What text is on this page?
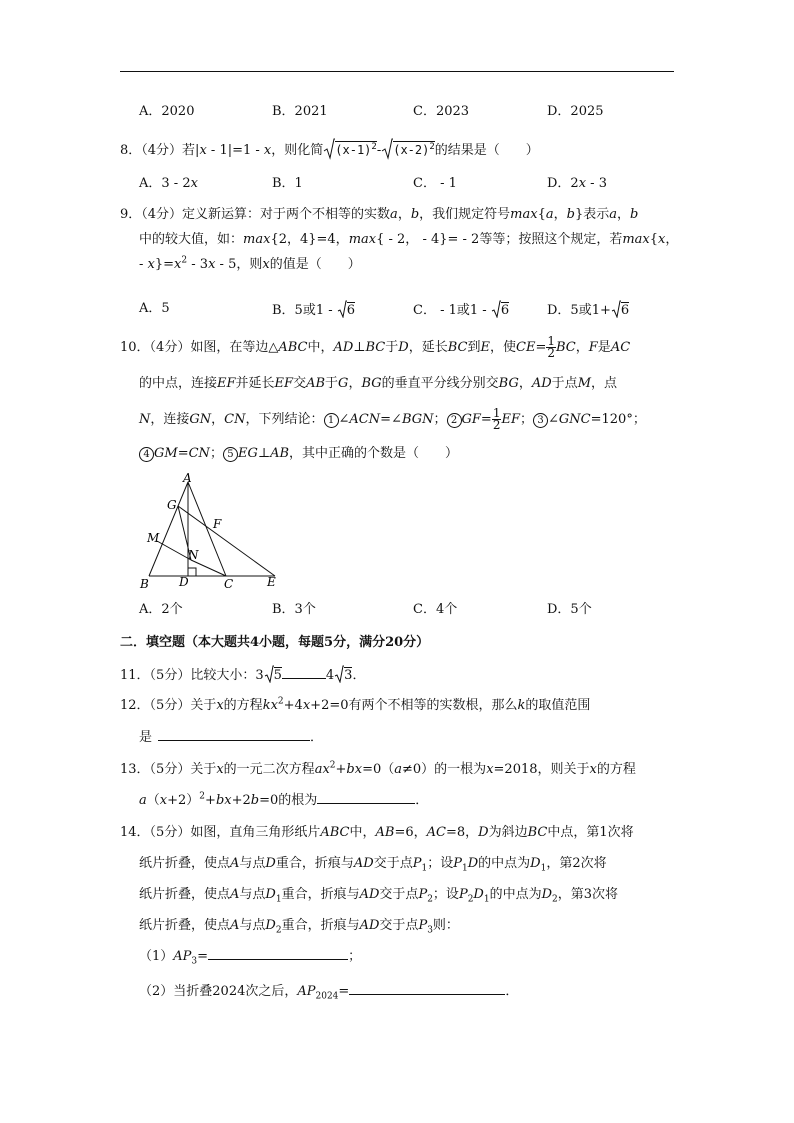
A．2020	B．2021	C．2023	D．2025
8．（4分）若|x - 1|=1 - x，则化简 $(x-1)^2-$ $(x-2)^2$的结果是（　　）
A．3 - 2x	B．1	C． - 1	D．2x - 3
9．（4分）定义新运算：对于两个不相等的实数a，b，我们规定符号max{a，b}表示a，b
中的较大值，如：max{2，4}=4，max{ - 2， - 4}= - 2等等；按照这个规定，若max{x，
- $x\}=x^2 - 3x - 5$，则x的值是（　　）
A．5	B．5或1 - 6	C． - 1或1 - 6	D．5或1+ 6
10．（4分）如图，在等边△ABC中，AD⊥BC于D，延长BC到E，使$CE= \frac{1}{2}$ BC，F是AC
的中点，连接EF并延长EF交AB于G，BG的垂直平分线分别交BG，AD于点M，点
N，连接GN，CN，下列结论： 1 ∠ACN=∠BGN； 2 $GF= \frac{1}{2}$ EF； 3 ∠GNC=120°；
4 GM=CN； 5 EG⊥AB，其中正确的个数是（　　）
A
G
F
M
N
B	D	C	E
A．2个	B．3个	C．4个	D．5个
二．填空题（本大题共4小题，每题5分，满分20分）
11．（5分）比较大小：3 5	4 3．
12．（5分）关于x的方程$kx^2+4x+2=0$有两个不相等的实数根，那么k的取值范围
是	．
13．（5分）关于x的一元二次方程$ax^2+bx=0(a\ne 0)$的一根为x=2018，则关于x的方程
$a(x+2)^2+bx+2b=0$的根为	．
14．（5分）如图，直角三角形纸片ABC中，AB=6，AC=8，D为斜边BC中点，第1次将
纸片折叠，使点A与点D重合，折痕与AD交于点$P_1$；设$P_1D$的中点为$D_1$，第2次将
纸片折叠，使点A与点$D_1$重合，折痕与AD交于点$P_2$；设$P_2D_1$的中点为$D_2$，第3次将
纸片折叠，使点A与点$D_2$重合，折痕与AD交于点$P_3$则：
$(1)AP_3=$	；
（2）当折叠2024次之后，$AP_{2024}=$	．
